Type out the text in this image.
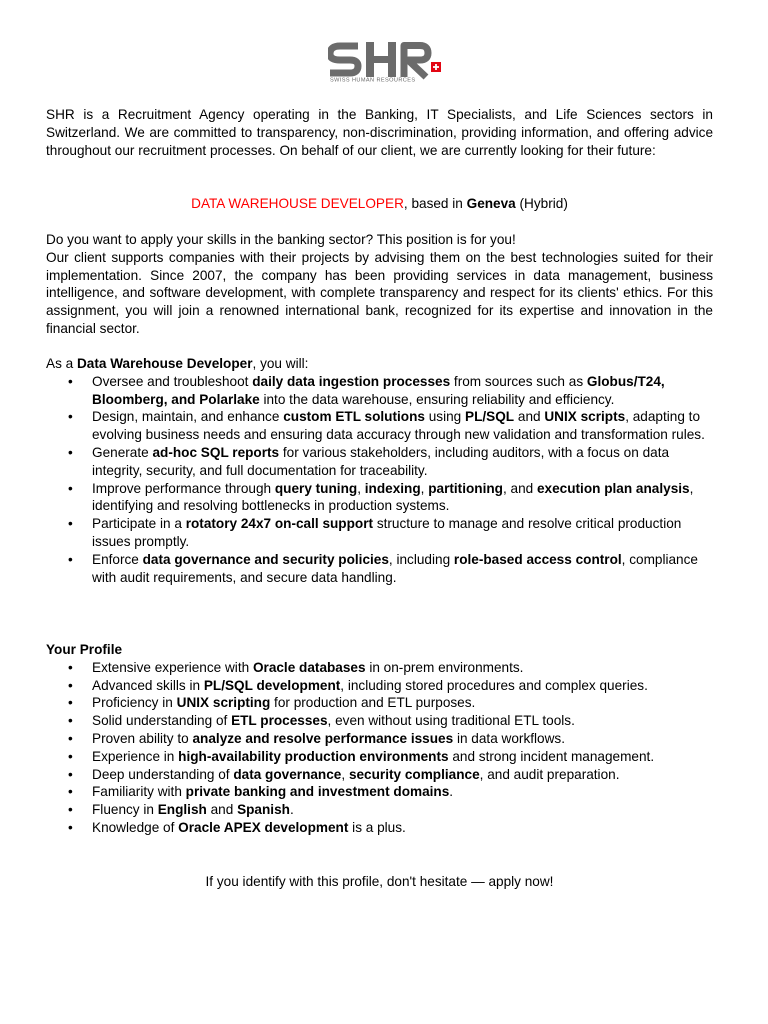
SWISS HUMAN RESOURCES

SHR is a Recruitment Agency operating in the Banking, IT Specialists, and Life Sciences sectors in Switzerland. We are committed to transparency, non-discrimination, providing information, and offering advice throughout our recruitment processes. On behalf of our client, we are currently looking for their future:

DATA WAREHOUSE DEVELOPER, based in Geneva (Hybrid)

Do you want to apply your skills in the banking sector? This position is for you!

Our client supports companies with their projects by advising them on the best technologies suited for their implementation. Since 2007, the company has been providing services in data management, business intelligence, and software development, with complete transparency and respect for its clients' ethics. For this assignment, you will join a renowned international bank, recognized for its expertise and innovation in the financial sector.

As a Data Warehouse Developer, you will:

• Oversee and troubleshoot daily data ingestion processes from sources such as Globus/T24, Bloomberg, and Polarlake into the data warehouse, ensuring reliability and efficiency.
• Design, maintain, and enhance custom ETL solutions using PL/SQL and UNIX scripts, adapting to evolving business needs and ensuring data accuracy through new validation and transformation rules.
• Generate ad-hoc SQL reports for various stakeholders, including auditors, with a focus on data integrity, security, and full documentation for traceability.
• Improve performance through query tuning, indexing, partitioning, and execution plan analysis, identifying and resolving bottlenecks in production systems.
• Participate in a rotatory 24x7 on-call support structure to manage and resolve critical production issues promptly.
• Enforce data governance and security policies, including role-based access control, compliance with audit requirements, and secure data handling.
Your Profile
• Extensive experience with Oracle databases in on-prem environments.
• Advanced skills in PL/SQL development, including stored procedures and complex queries.
• Proficiency in UNIX scripting for production and ETL purposes.
• Solid understanding of ETL processes, even without using traditional ETL tools.
• Proven ability to analyze and resolve performance issues in data workflows.
• Experience in high-availability production environments and strong incident management.
• Deep understanding of data governance, security compliance, and audit preparation.
• Familiarity with private banking and investment domains.
• Fluency in English and Spanish.
• Knowledge of Oracle APEX development is a plus.

If you identify with this profile, don't hesitate — apply now!
